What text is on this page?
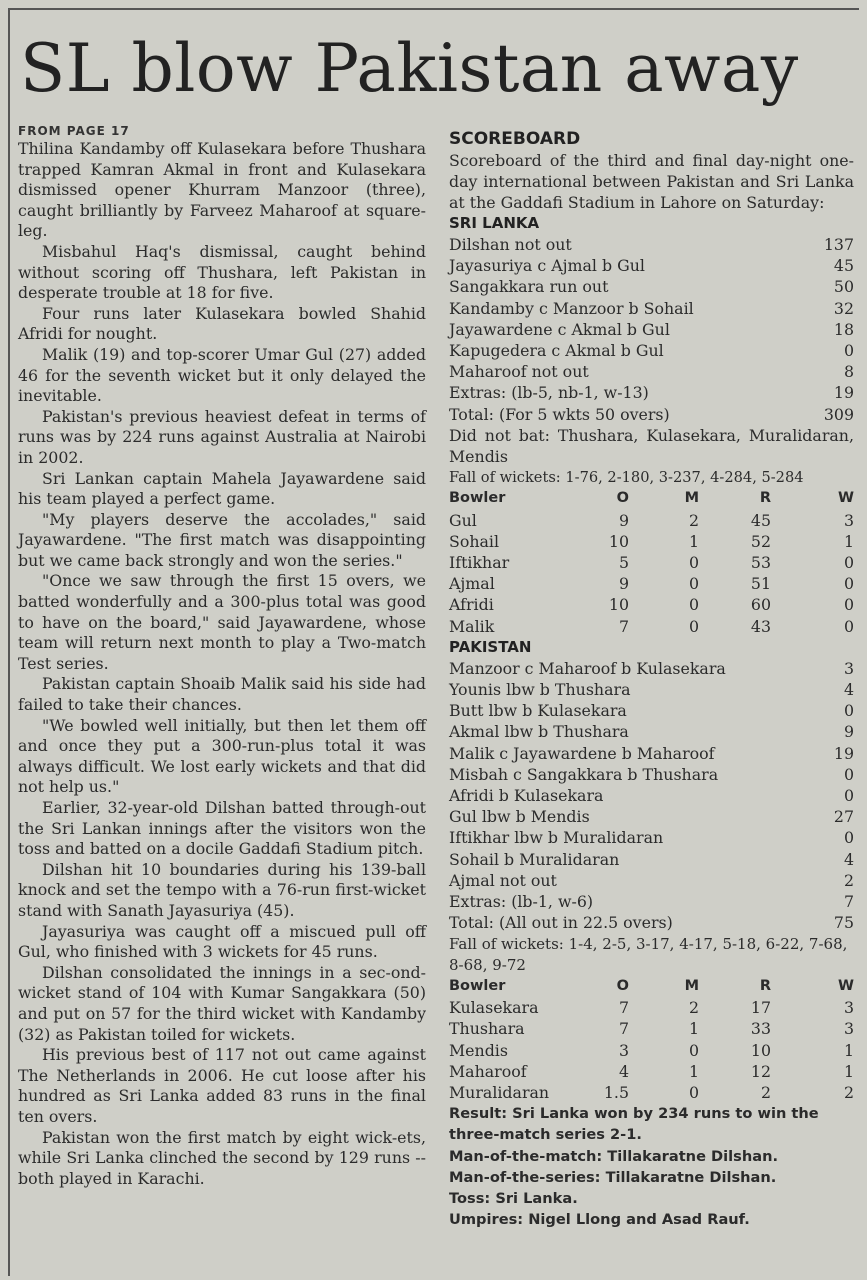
SL blow Pakistan away
FROM PAGE 17

Thilina Kandamby off Kulasekara before Thushara trapped Kamran Akmal in front and Kulasekara dismissed opener Khurram Manzoor (three), caught brilliantly by Farveez Maharoof at square-leg.

Misbahul Haq's dismissal, caught behind without scoring off Thushara, left Pakistan in desperate trouble at 18 for five.

Four runs later Kulasekara bowled Shahid Afridi for nought.

Malik (19) and top-scorer Umar Gul (27) added 46 for the seventh wicket but it only delayed the inevitable.

Pakistan's previous heaviest defeat in terms of runs was by 224 runs against Australia at Nairobi in 2002.

Sri Lankan captain Mahela Jayawardene said his team played a perfect game.

"My players deserve the accolades," said Jayawardene. "The first match was disappointing but we came back strongly and won the series."

"Once we saw through the first 15 overs, we batted wonderfully and a 300-plus total was good to have on the board," said Jayawardene, whose team will return next month to play a Two-match Test series.

Pakistan captain Shoaib Malik said his side had failed to take their chances.

"We bowled well initially, but then let them off and once they put a 300-run-plus total it was always difficult. We lost early wickets and that did not help us."

Earlier, 32-year-old Dilshan batted through-out the Sri Lankan innings after the visitors won the toss and batted on a docile Gaddafi Stadium pitch.

Dilshan hit 10 boundaries during his 139-ball knock and set the tempo with a 76-run first-wicket stand with Sanath Jayasuriya (45).

Jayasuriya was caught off a miscued pull off Gul, who finished with 3 wickets for 45 runs.

Dilshan consolidated the innings in a sec-ond-wicket stand of 104 with Kumar Sangakkara (50) and put on 57 for the third wicket with Kandamby (32) as Pakistan toiled for wickets.

His previous best of 117 not out came against The Netherlands in 2006. He cut loose after his hundred as Sri Lanka added 83 runs in the final ten overs.

Pakistan won the first match by eight wick-ets, while Sri Lanka clinched the second by 129 runs -- both played in Karachi.

SCOREBOARD

Scoreboard of the third and final day-night one-day international between Pakistan and Sri Lanka at the Gaddafi Stadium in Lahore on Saturday:

SRI LANKA
Dilshan not out	137
Jayasuriya c Ajmal b Gul	45
Sangakkara run out	50
Kandamby c Manzoor b Sohail	32
Jayawardene c Akmal b Gul	18
Kapugedera c Akmal b Gul	0
Maharoof not out	8
Extras: (lb-5, nb-1, w-13)	19
Total: (For 5 wkts 50 overs)	309

Did not bat: Thushara, Kulasekara, Muralidaran, Mendis

Fall of wickets: 1-76, 2-180, 3-237, 4-284, 5-284

Bowler	O	M	R	W
Gul	9	2	45	3
Sohail	10	1	52	1
Iftikhar	5	0	53	0
Ajmal	9	0	51	0
Afridi	10	0	60	0
Malik	7	0	43	0
PAKISTAN
Manzoor c Maharoof b Kulasekara	3
Younis lbw b Thushara	4
Butt lbw b Kulasekara	0
Akmal lbw b Thushara	9
Malik c Jayawardene b Maharoof	19
Misbah c Sangakkara b Thushara	0
Afridi b Kulasekara	0
Gul lbw b Mendis	27
Iftikhar lbw b Muralidaran	0
Sohail b Muralidaran	4
Ajmal not out	2
Extras: (lb-1, w-6)	7
Total: (All out in 22.5 overs)	75

Fall of wickets: 1-4, 2-5, 3-17, 4-17, 5-18, 6-22, 7-68, 8-68, 9-72

Bowler	O	M	R	W
Kulasekara	7	2	17	3
Thushara	7	1	33	3
Mendis	3	0	10	1
Maharoof	4	1	12	1
Muralidaran	1.5	0	2	2
Result: Sri Lanka won by 234 runs to win the three-match series 2-1.
Man-of-the-match: Tillakaratne Dilshan.
Man-of-the-series: Tillakaratne Dilshan.
Toss: Sri Lanka.
Umpires: Nigel Llong and Asad Rauf.
